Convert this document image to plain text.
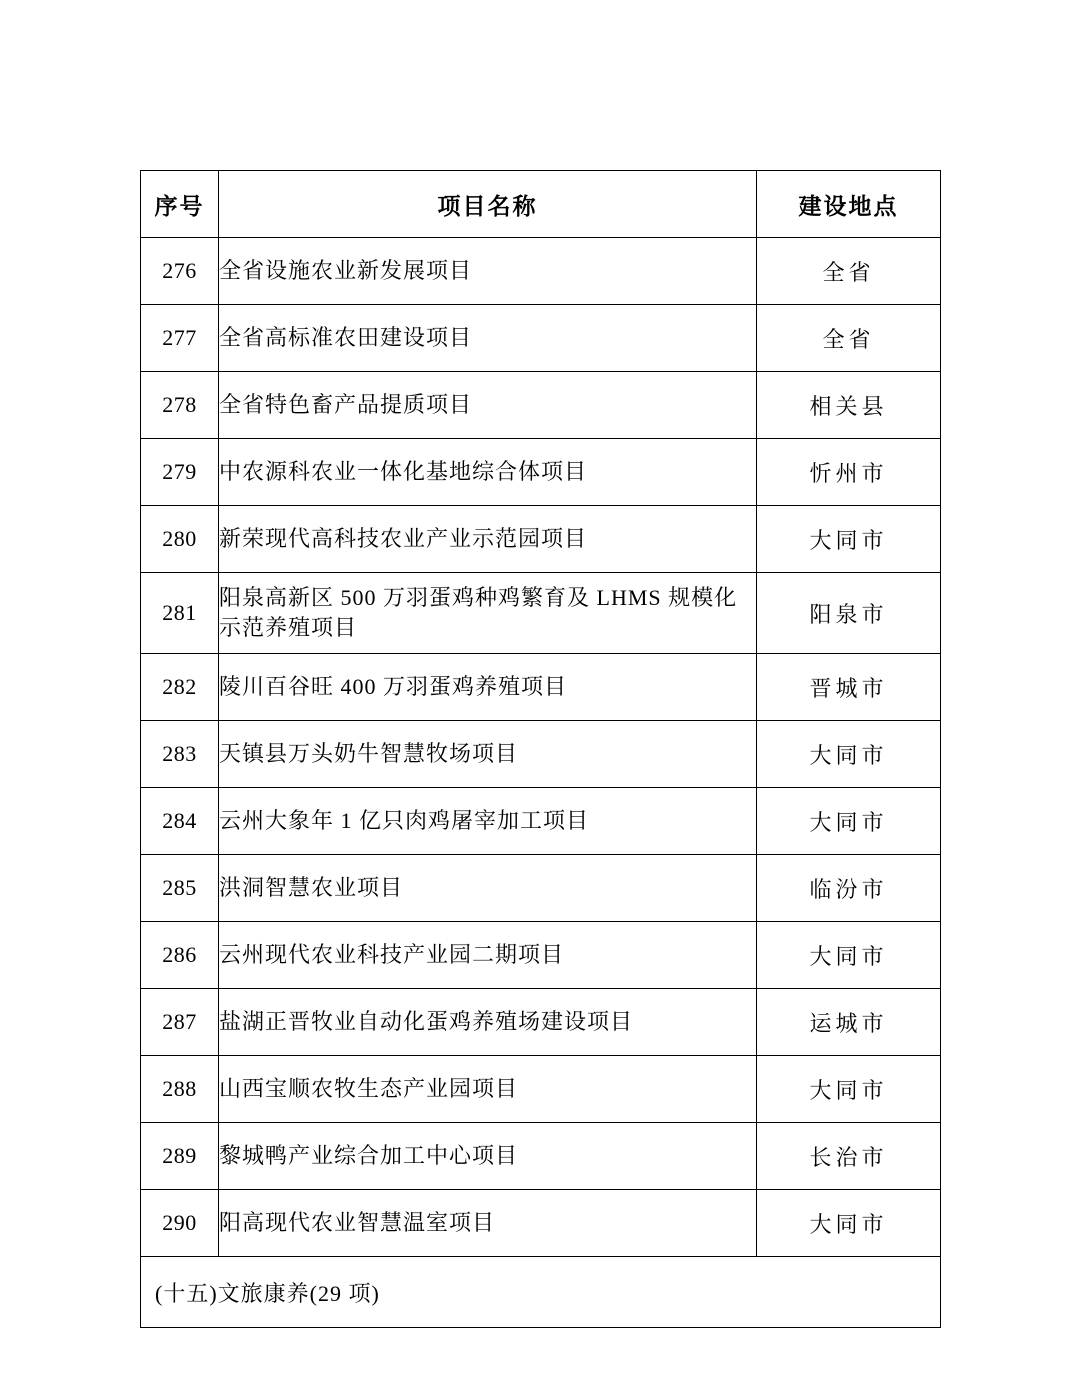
序号	项目名称	建设地点
276	全省设施农业新发展项目	全省
277	全省高标准农田建设项目	全省
278	全省特色畜产品提质项目	相关县
279	中农源科农业一体化基地综合体项目	忻州市
280	新荣现代高科技农业产业示范园项目	大同市
281	阳泉高新区 500 万羽蛋鸡种鸡繁育及 LHMS 规模化示范养殖项目	阳泉市
282	陵川百谷旺 400 万羽蛋鸡养殖项目	晋城市
283	天镇县万头奶牛智慧牧场项目	大同市
284	云州大象年 1 亿只肉鸡屠宰加工项目	大同市
285	洪洞智慧农业项目	临汾市
286	云州现代农业科技产业园二期项目	大同市
287	盐湖正晋牧业自动化蛋鸡养殖场建设项目	运城市
288	山西宝顺农牧生态产业园项目	大同市
289	黎城鸭产业综合加工中心项目	长治市
290	阳高现代农业智慧温室项目	大同市
(十五)文旅康养(29 项)		
